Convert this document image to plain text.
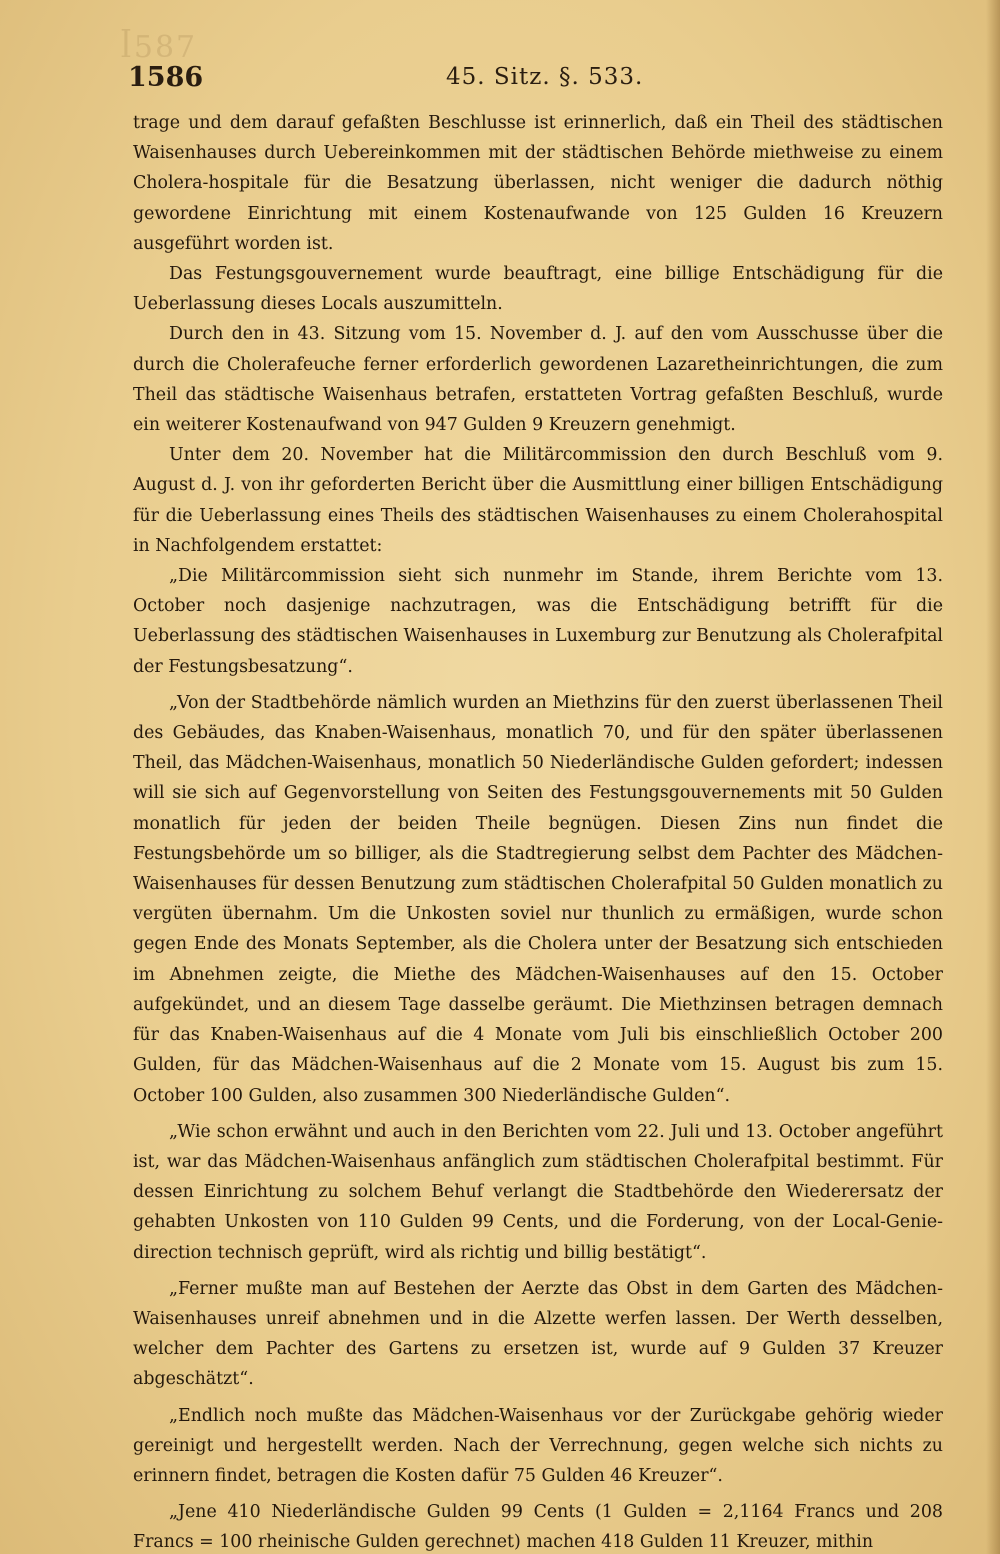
ꟾ587
1586	45. Sitz. §. 533.

trage und dem darauf gefaßten Beschlusse ist erinnerlich, daß ein Theil des städtischen Waisenhauses durch Uebereinkommen mit der städtischen Behörde miethweise zu einem Cholera-hospitale für die Besatzung überlassen, nicht weniger die dadurch nöthig gewordene Einrichtung mit einem Kostenaufwande von 125 Gulden 16 Kreuzern ausgeführt worden ist.

Das Festungsgouvernement wurde beauftragt, eine billige Entschädigung für die Ueberlassung dieses Locals auszumitteln.

Durch den in 43. Sitzung vom 15. November d. J. auf den vom Ausschusse über die durch die Cholerafeuche ferner erforderlich gewordenen Lazaretheinrichtungen, die zum Theil das städtische Waisenhaus betrafen, erstatteten Vortrag gefaßten Beschluß, wurde ein weiterer Kostenaufwand von 947 Gulden 9 Kreuzern genehmigt.

Unter dem 20. November hat die Militärcommission den durch Beschluß vom 9. August d. J. von ihr geforderten Bericht über die Ausmittlung einer billigen Entschädigung für die Ueberlassung eines Theils des städtischen Waisenhauses zu einem Cholerahospital in Nachfolgendem erstattet:

„Die Militärcommission sieht sich nunmehr im Stande, ihrem Berichte vom 13. October noch dasjenige nachzutragen, was die Entschädigung betrifft für die Ueberlassung des städtischen Waisenhauses in Luxemburg zur Benutzung als Cholerafpital der Festungsbesatzung“.

„Von der Stadtbehörde nämlich wurden an Miethzins für den zuerst überlassenen Theil des Gebäudes, das Knaben-Waisenhaus, monatlich 70, und für den später überlassenen Theil, das Mädchen-Waisenhaus, monatlich 50 Niederländische Gulden gefordert; indessen will sie sich auf Gegenvorstellung von Seiten des Festungsgouvernements mit 50 Gulden monatlich für jeden der beiden Theile begnügen. Diesen Zins nun findet die Festungsbehörde um so billiger, als die Stadtregierung selbst dem Pachter des Mädchen-Waisenhauses für dessen Benutzung zum städtischen Cholerafpital 50 Gulden monatlich zu vergüten übernahm. Um die Unkosten soviel nur thunlich zu ermäßigen, wurde schon gegen Ende des Monats September, als die Cholera unter der Besatzung sich entschieden im Abnehmen zeigte, die Miethe des Mädchen-Waisenhauses auf den 15. October aufgekündet, und an diesem Tage dasselbe geräumt. Die Miethzinsen betragen demnach für das Knaben-Waisenhaus auf die 4 Monate vom Juli bis einschließlich October 200 Gulden, für das Mädchen-Waisenhaus auf die 2 Monate vom 15. August bis zum 15. October 100 Gulden, also zusammen 300 Niederländische Gulden“.

„Wie schon erwähnt und auch in den Berichten vom 22. Juli und 13. October angeführt ist, war das Mädchen-Waisenhaus anfänglich zum städtischen Cholerafpital bestimmt. Für dessen Einrichtung zu solchem Behuf verlangt die Stadtbehörde den Wiederersatz der gehabten Unkosten von 110 Gulden 99 Cents, und die Forderung, von der Local-Genie-direction technisch geprüft, wird als richtig und billig bestätigt“.

„Ferner mußte man auf Bestehen der Aerzte das Obst in dem Garten des Mädchen-Waisenhauses unreif abnehmen und in die Alzette werfen lassen. Der Werth desselben, welcher dem Pachter des Gartens zu ersetzen ist, wurde auf 9 Gulden 37 Kreuzer abgeschätzt“.

„Endlich noch mußte das Mädchen-Waisenhaus vor der Zurückgabe gehörig wieder gereinigt und hergestellt werden. Nach der Verrechnung, gegen welche sich nichts zu erinnern findet, betragen die Kosten dafür 75 Gulden 46 Kreuzer“.

„Jene 410 Niederländische Gulden 99 Cents (1 Gulden = 2,1164 Francs und 208 Francs = 100 rheinische Gulden gerechnet) machen 418 Gulden 11 Kreuzer, mithin
